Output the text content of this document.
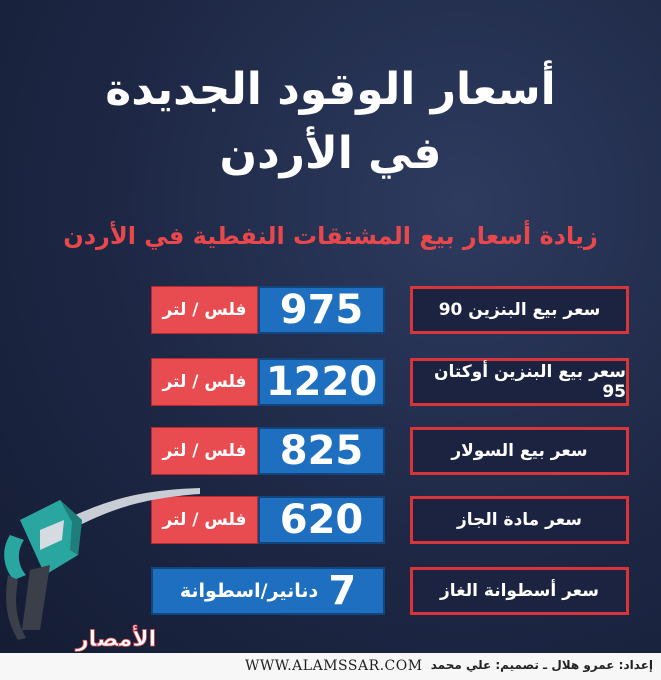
أسعار الوقود الجديدة
في الأردن
زيادة أسعار بيع المشتقات النفطية في الأردن
سعر بيع البنزين 90
975
فلس / لتر
سعر بيع البنزين أوكتان 95
1220
فلس / لتر
سعر بيع السولار
825
فلس / لتر
سعر مادة الجاز
620
فلس / لتر
سعر أسطوانة الغاز
7
دنانير/اسطوانة
الأمصار
WWW.ALAMSSAR.COM إعداد: عمرو هلال ـ تصميم: علي محمد
